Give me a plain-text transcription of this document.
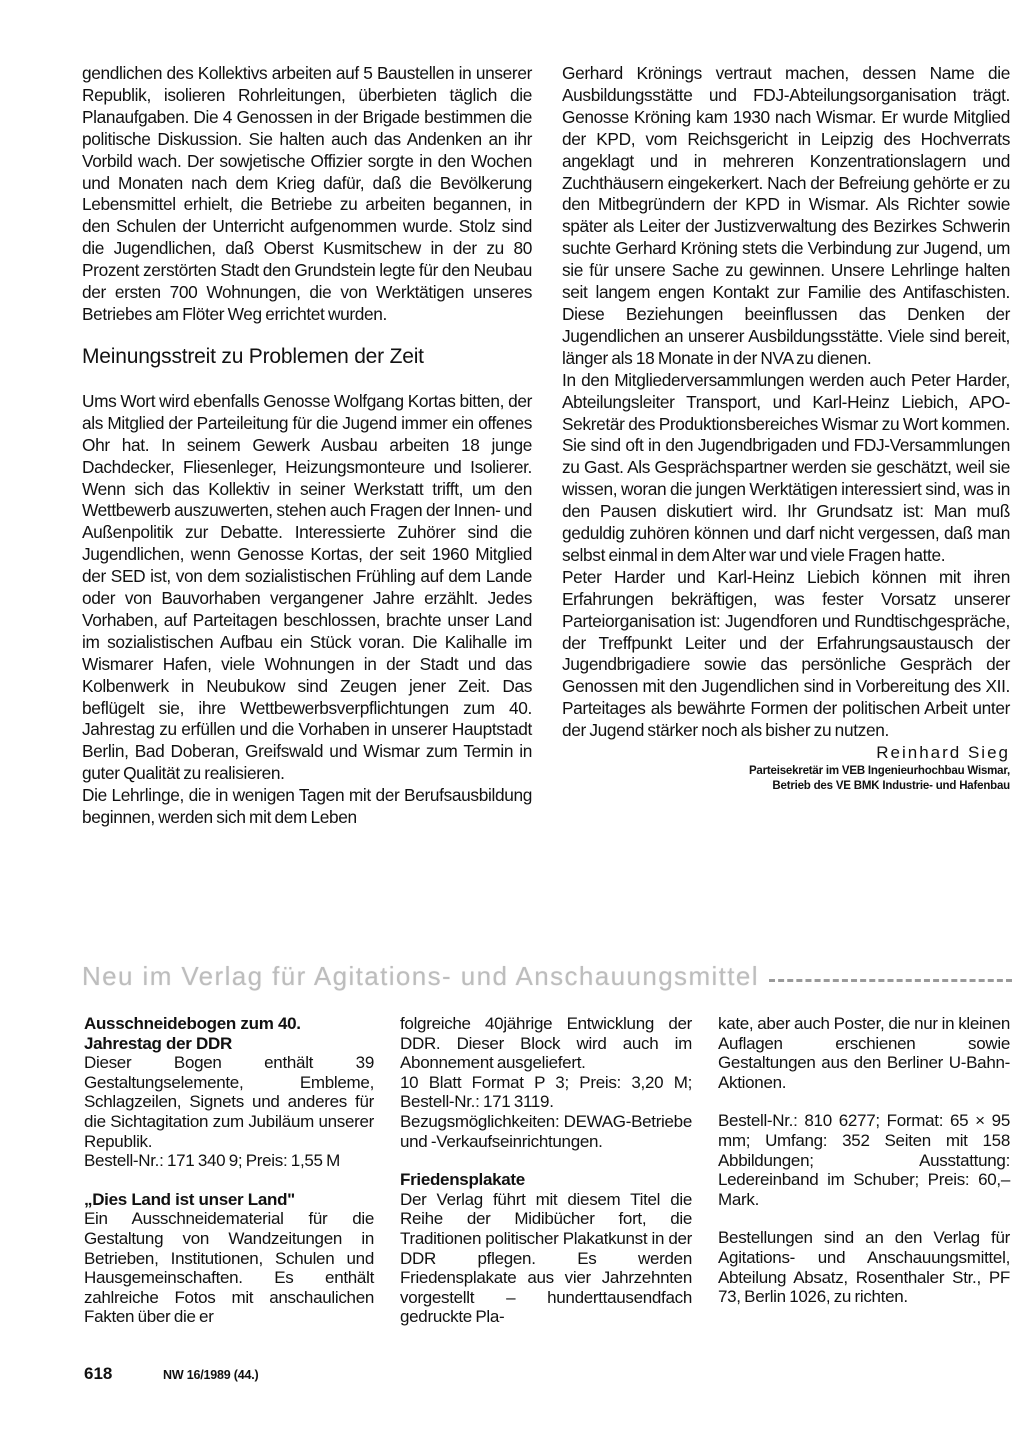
gendlichen des Kollektivs arbeiten auf 5 Baustellen in unserer Republik, isolieren Rohrleitungen, überbieten täglich die Planaufgaben. Die 4 Genossen in der Brigade bestimmen die politische Diskussion. Sie halten auch das Andenken an ihr Vorbild wach. Der sowjetische Offizier sorgte in den Wochen und Monaten nach dem Krieg dafür, daß die Bevölkerung Lebensmittel erhielt, die Betriebe zu arbeiten begannen, in den Schulen der Unterricht aufgenommen wurde. Stolz sind die Jugendlichen, daß Oberst Kusmitschew in der zu 80 Prozent zerstörten Stadt den Grundstein legte für den Neubau der ersten 700 Wohnungen, die von Werktätigen unseres Betriebes am Flöter Weg errichtet wurden.

Meinungsstreit zu Problemen der Zeit

Ums Wort wird ebenfalls Genosse Wolfgang Kortas bitten, der als Mitglied der Parteileitung für die Jugend immer ein offenes Ohr hat. In seinem Gewerk Ausbau arbeiten 18 junge Dachdecker, Fliesenleger, Heizungsmonteure und Isolierer. Wenn sich das Kollektiv in seiner Werkstatt trifft, um den Wettbewerb auszuwerten, stehen auch Fragen der Innen- und Außenpolitik zur Debatte. Interessierte Zuhörer sind die Jugendlichen, wenn Genosse Kortas, der seit 1960 Mitglied der SED ist, von dem sozialistischen Frühling auf dem Lande oder von Bauvorhaben vergangener Jahre erzählt. Jedes Vorhaben, auf Parteitagen beschlossen, brachte unser Land im sozialistischen Aufbau ein Stück voran. Die Kalihalle im Wismarer Hafen, viele Wohnungen in der Stadt und das Kolbenwerk in Neubukow sind Zeugen jener Zeit. Das beflügelt sie, ihre Wettbewerbsverpflichtungen zum 40. Jahrestag zu erfüllen und die Vorhaben in unserer Hauptstadt Berlin, Bad Doberan, Greifswald und Wismar zum Termin in guter Qualität zu realisieren.

Die Lehrlinge, die in wenigen Tagen mit der Berufsausbildung beginnen, werden sich mit dem Leben

Gerhard Krönings vertraut machen, dessen Name die Ausbildungsstätte und FDJ-Abteilungsorganisation trägt. Genosse Kröning kam 1930 nach Wismar. Er wurde Mitglied der KPD, vom Reichsgericht in Leipzig des Hochverrats angeklagt und in mehreren Konzentrationslagern und Zuchthäusern eingekerkert. Nach der Befreiung gehörte er zu den Mitbegründern der KPD in Wismar. Als Richter sowie später als Leiter der Justizverwaltung des Bezirkes Schwerin suchte Gerhard Kröning stets die Verbindung zur Jugend, um sie für unsere Sache zu gewinnen. Unsere Lehrlinge halten seit langem engen Kontakt zur Familie des Antifaschisten. Diese Beziehungen beeinflussen das Denken der Jugendlichen an unserer Ausbildungsstätte. Viele sind bereit, länger als 18 Monate in der NVA zu dienen.

In den Mitgliederversammlungen werden auch Peter Harder, Abteilungsleiter Transport, und Karl-Heinz Liebich, APO-Sekretär des Produktionsbereiches Wismar zu Wort kommen. Sie sind oft in den Jugendbrigaden und FDJ-Versammlungen zu Gast. Als Gesprächspartner werden sie geschätzt, weil sie wissen, woran die jungen Werktätigen interessiert sind, was in den Pausen diskutiert wird. Ihr Grundsatz ist: Man muß geduldig zuhören können und darf nicht vergessen, daß man selbst einmal in dem Alter war und viele Fragen hatte.

Peter Harder und Karl-Heinz Liebich können mit ihren Erfahrungen bekräftigen, was fester Vorsatz unserer Parteiorganisation ist: Jugendforen und Rundtischgespräche, der Treffpunkt Leiter und der Erfahrungsaustausch der Jugendbrigadiere sowie das persönliche Gespräch der Genossen mit den Jugendlichen sind in Vorbereitung des XII. Parteitages als bewährte Formen der politischen Arbeit unter der Jugend stärker noch als bisher zu nutzen.

Reinhard Sieg
Parteisekretär im VEB Ingenieurhochbau Wismar,
Betrieb des VE BMK Industrie- und Hafenbau
Neu im Verlag für Agitations- und Anschauungsmittel

Ausschneidebogen zum 40. Jahrestag der DDR

Dieser Bogen enthält 39 Gestaltungselemente, Embleme, Schlagzeilen, Signets und anderes für die Sichtagitation zum Jubiläum unserer Republik.

Bestell-Nr.: 171 340 9; Preis: 1,55 M

„Dies Land ist unser Land"

Ein Ausschneidematerial für die Gestaltung von Wandzeitungen in Betrieben, Institutionen, Schulen und Hausgemeinschaften. Es enthält zahlreiche Fotos mit anschaulichen Fakten über die er

folgreiche 40jährige Entwicklung der DDR. Dieser Block wird auch im Abonnement ausgeliefert.

10 Blatt Format P 3; Preis: 3,20 M; Bestell-Nr.: 171 3119.

Bezugsmöglichkeiten: DEWAG-Betriebe und -Verkaufseinrichtungen.

Friedensplakate

Der Verlag führt mit diesem Titel die Reihe der Midibücher fort, die Traditionen politischer Plakatkunst in der DDR pflegen. Es werden Friedensplakate aus vier Jahrzehnten vorgestellt – hunderttausendfach gedruckte Pla-

kate, aber auch Poster, die nur in kleinen Auflagen erschienen sowie Gestaltungen aus den Berliner U-Bahn-Aktionen.

Bestell-Nr.: 810 6277; Format: 65 × 95 mm; Umfang: 352 Seiten mit 158 Abbildungen; Ausstattung: Ledereinband im Schuber; Preis: 60,– Mark.

Bestellungen sind an den Verlag für Agitations- und Anschauungsmittel, Abteilung Absatz, Rosenthaler Str., PF 73, Berlin 1026, zu richten.

618	NW 16/1989 (44.)
